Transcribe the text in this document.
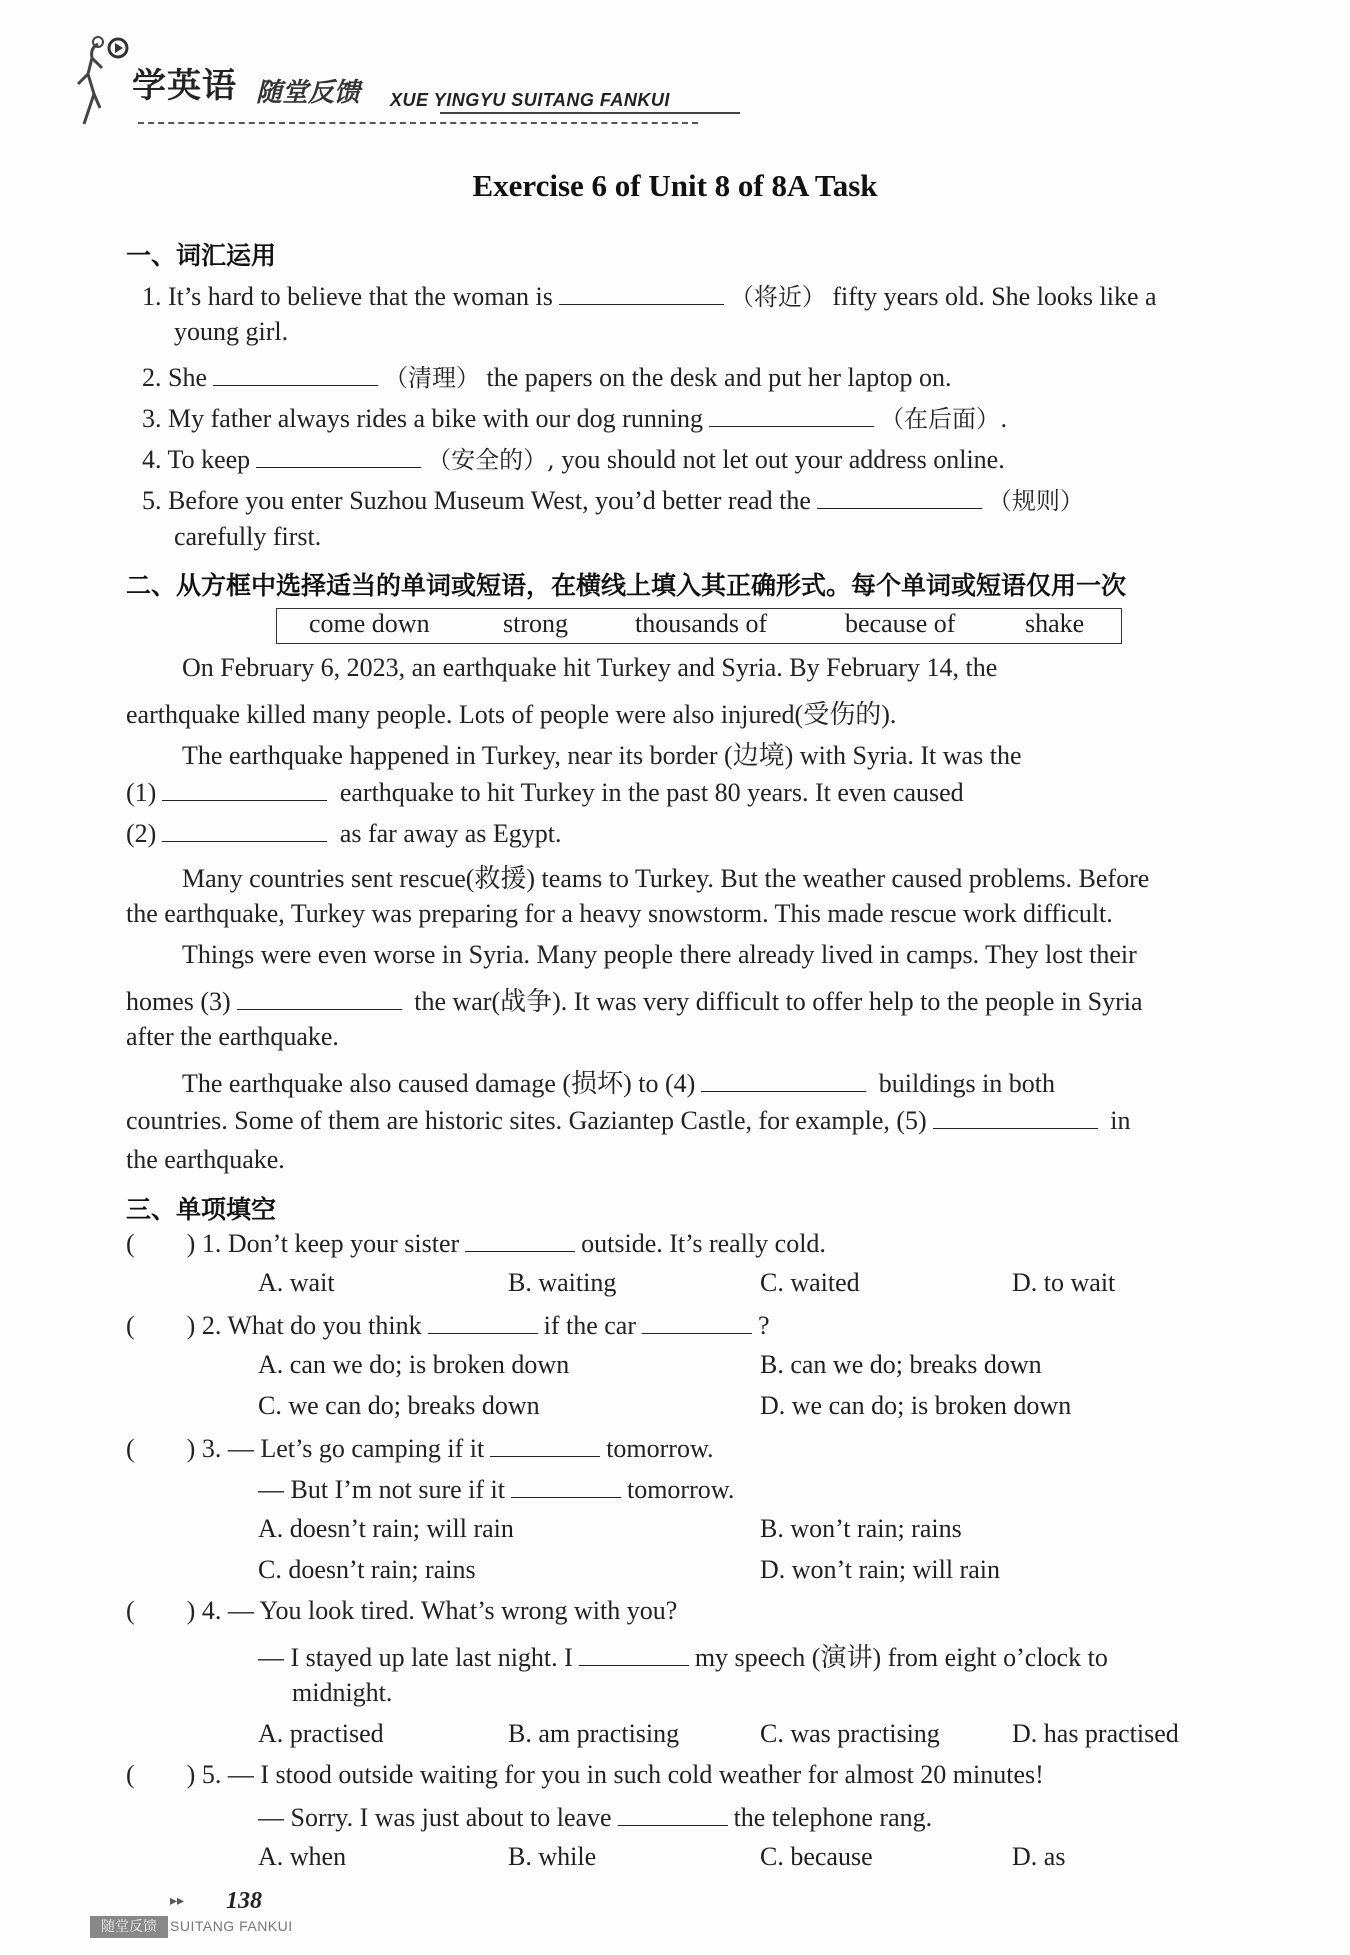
学英语 随堂反馈 XUE YINGYU SUITANG FANKUI
Exercise 6 of Unit 8 of 8A Task
一、词汇运用
1. It’s hard to believe that the woman is	（将近） fifty years old. She looks like a
young girl.
2. She	（清理） the papers on the desk and put her laptop on.
3. My father always rides a bike with our dog running	（在后面）.
4. To keep	（安全的）, you should not let out your address online.
5. Before you enter Suzhou Museum West, you’d better read the	（规则）
carefully first.
二、从方框中选择适当的单词或短语，在横线上填入其正确形式。每个单词或短语仅用一次
come down	strong	thousands of	because of	shake
On February 6, 2023, an earthquake hit Turkey and Syria. By February 14, the
earthquake killed many people. Lots of people were also injured(受伤的).
The earthquake happened in Turkey, near its border (边境) with Syria. It was the
(1)	earthquake to hit Turkey in the past 80 years. It even caused
(2)	as far away as Egypt.
Many countries sent rescue(救援) teams to Turkey. But the weather caused problems. Before
the earthquake, Turkey was preparing for a heavy snowstorm. This made rescue work difficult.
Things were even worse in Syria. Many people there already lived in camps. They lost their
homes (3)	the war(战争). It was very difficult to offer help to the people in Syria
after the earthquake.
The earthquake also caused damage (损坏) to (4)	buildings in both
countries. Some of them are historic sites. Gaziantep Castle, for example, (5)	in
the earthquake.
三、单项填空
( ) 1. Don’t keep your sister	outside. It’s really cold.
A. wait	B. waiting	C. waited	D. to wait
( ) 2. What do you think	if the car	?
A. can we do; is broken down	B. can we do; breaks down
C. we can do; breaks down	D. we can do; is broken down
( ) 3. — Let’s go camping if it	tomorrow.
— But I’m not sure if it	tomorrow.
A. doesn’t rain; will rain	B. won’t rain; rains
C. doesn’t rain; rains	D. won’t rain; will rain
( ) 4. — You look tired. What’s wrong with you?
— I stayed up late last night. I	my speech (演讲) from eight o’clock to
midnight.
A. practised	B. am practising	C. was practising	D. has practised
( ) 5. — I stood outside waiting for you in such cold weather for almost 20 minutes!
— Sorry. I was just about to leave	the telephone rang.
A. when	B. while	C. because	D. as
▸▸ 138
随堂反馈 SUITANG FANKUI
